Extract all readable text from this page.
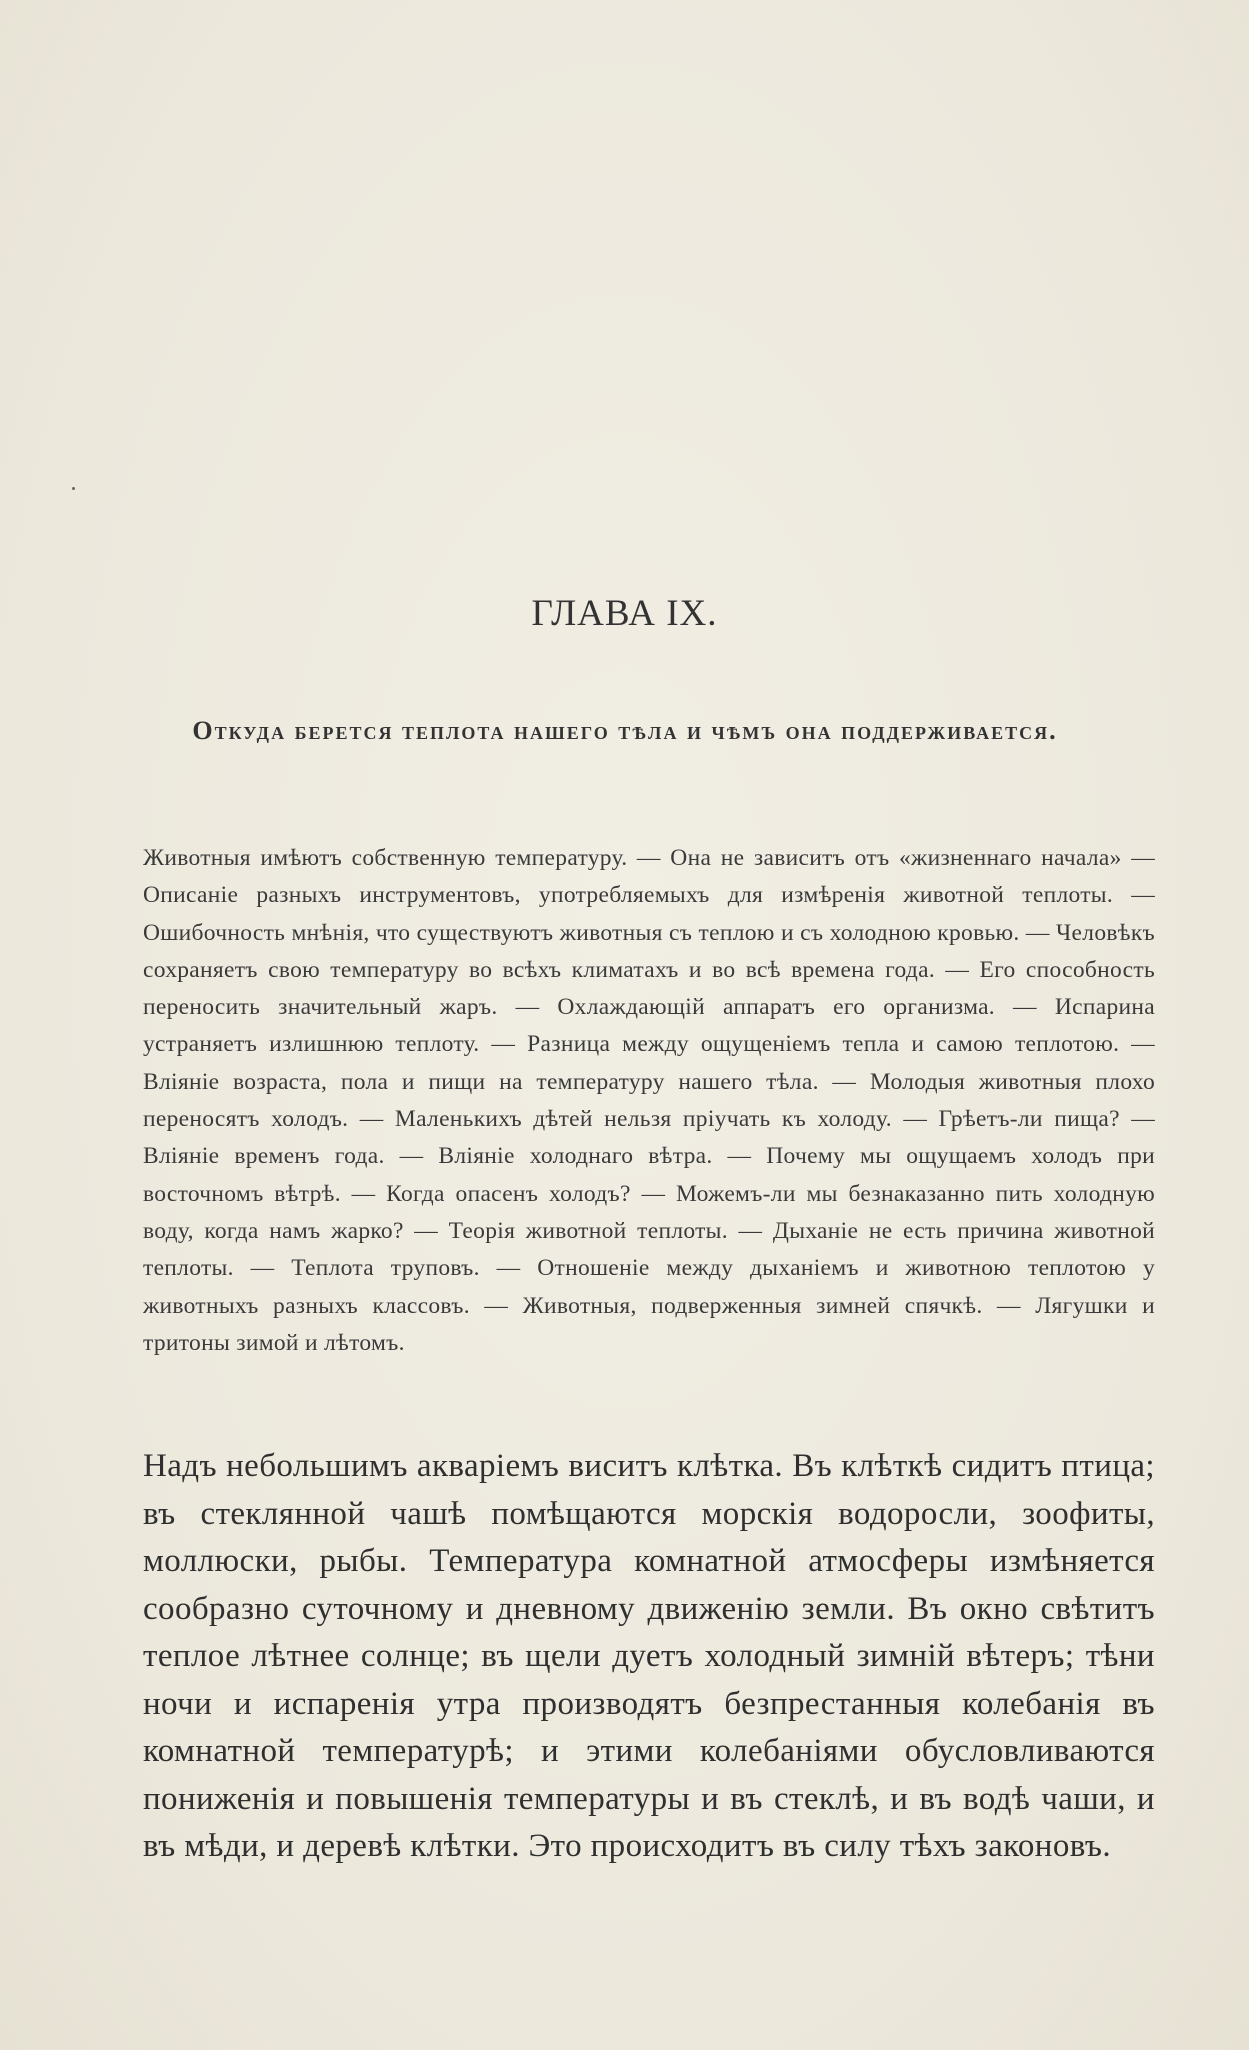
ГЛАВА IX.
Откуда берется теплота нашего тѣла и чѣмъ она поддерживается.
Животныя имѣютъ собственную температуру. — Она не зависитъ отъ «жизненнаго начала» — Описаніе разныхъ инструментовъ, употребляемыхъ для измѣренія животной теплоты. — Ошибочность мнѣнія, что существуютъ животныя съ теплою и съ холодною кровью. — Человѣкъ сохраняетъ свою температуру во всѣхъ климатахъ и во всѣ времена года. — Его способность переносить значительный жаръ. — Охлаждающій аппаратъ его организма. — Испарина устраняетъ излишнюю теплоту. — Разница между ощущеніемъ тепла и самою теплотою. — Вліяніе возраста, пола и пищи на температуру нашего тѣла. — Молодыя животныя плохо переносятъ холодъ. — Маленькихъ дѣтей нельзя пріучать къ холоду. — Грѣетъ-ли пища? — Вліяніе временъ года. — Вліяніе холоднаго вѣтра. — Почему мы ощущаемъ холодъ при восточномъ вѣтрѣ. — Когда опасенъ холодъ? — Можемъ-ли мы безнаказанно пить холодную воду, когда намъ жарко? — Теорія животной теплоты. — Дыханіе не есть причина животной теплоты. — Теплота труповъ. — Отношеніе между дыханіемъ и животною теплотою у животныхъ разныхъ классовъ. — Животныя, подверженныя зимней спячкѣ. — Лягушки и тритоны зимой и лѣтомъ.
Надъ небольшимъ акваріемъ виситъ клѣтка. Въ клѣткѣ сидитъ птица; въ стеклянной чашѣ помѣщаются морскія водоросли, зоофиты, моллюски, рыбы. Температура комнатной атмосферы измѣняется сообразно суточному и дневному движенію земли. Въ окно свѣтитъ теплое лѣтнее солнце; въ щели дуетъ холодный зимній вѣтеръ; тѣни ночи и испаренія утра производятъ безпрестанныя колебанія въ комнатной температурѣ; и этими колебаніями обусловливаются пониженія и повышенія температуры и въ стеклѣ, и въ водѣ чаши, и въ мѣди, и деревѣ клѣтки. Это происходитъ въ силу тѣхъ законовъ.
